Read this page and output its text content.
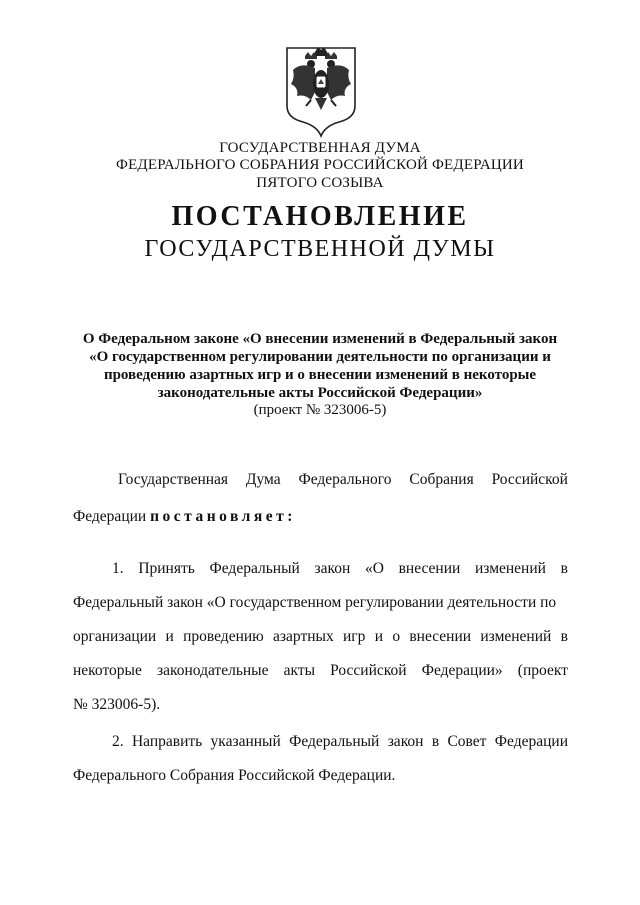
ГОСУДАРСТВЕННАЯ ДУМА
ФЕДЕРАЛЬНОГО СОБРАНИЯ РОССИЙСКОЙ ФЕДЕРАЦИИ
ПЯТОГО СОЗЫВА
ПОСТАНОВЛЕНИЕ
ГОСУДАРСТВЕННОЙ ДУМЫ
О Федеральном законе «О внесении изменений в Федеральный закон
«О государственном регулировании деятельности по организации и
проведению азартных игр и о внесении изменений в некоторые
законодательные акты Российской Федерации»
(проект № 323006-5)
Государственная Дума Федерального Собрания Российской
Федерации постановляет:
1. Принять Федеральный закон «О внесении изменений в
Федеральный закон «О государственном регулировании деятельности по
организации и проведению азартных игр и о внесении изменений в
некоторые законодательные акты Российской Федерации» (проект
№ 323006-5).
2. Направить указанный Федеральный закон в Совет Федерации
Федерального Собрания Российской Федерации.
